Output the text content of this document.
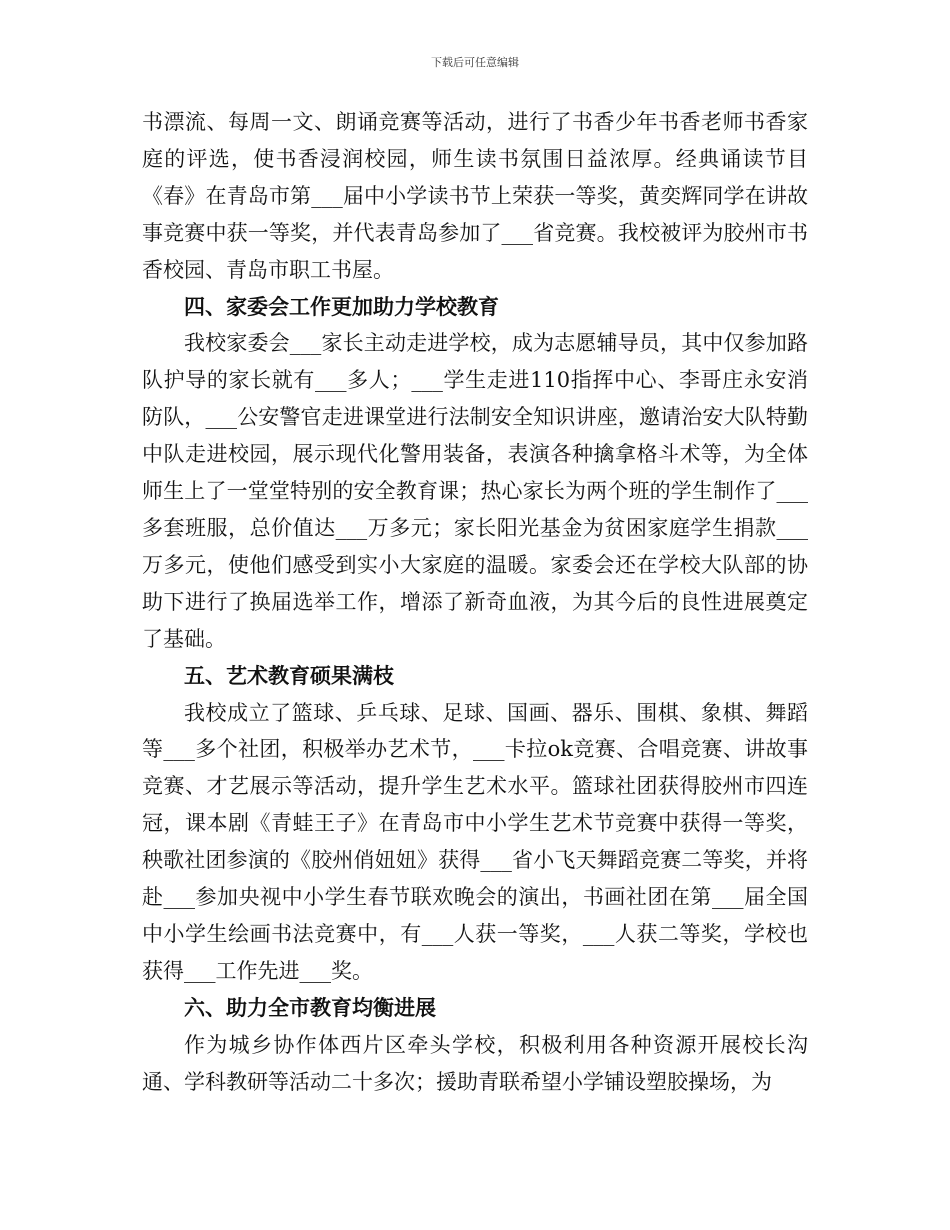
下载后可任意编辑

书漂流、每周一文、朗诵竞赛等活动，进行了书香少年书香老师书香家庭的评选，使书香浸润校园，师生读书氛围日益浓厚。经典诵读节目《春》在青岛市第___届中小学读书节上荣获一等奖，黄奕辉同学在讲故事竞赛中获一等奖，并代表青岛参加了___省竞赛。我校被评为胶州市书香校园、青岛市职工书屋。

四、家委会工作更加助力学校教育

我校家委会___家长主动走进学校，成为志愿辅导员，其中仅参加路队护导的家长就有___多人；___学生走进110指挥中心、李哥庄永安消防队，___公安警官走进课堂进行法制安全知识讲座，邀请治安大队特勤中队走进校园，展示现代化警用装备，表演各种擒拿格斗术等，为全体师生上了一堂堂特别的安全教育课；热心家长为两个班的学生制作了___多套班服，总价值达___万多元；家长阳光基金为贫困家庭学生捐款___万多元，使他们感受到实小大家庭的温暖。家委会还在学校大队部的协助下进行了换届选举工作，增添了新奇血液，为其今后的良性进展奠定了基础。

五、艺术教育硕果满枝

我校成立了篮球、乒乓球、足球、国画、器乐、围棋、象棋、舞蹈等___多个社团，积极举办艺术节，___卡拉ok竞赛、合唱竞赛、讲故事竞赛、才艺展示等活动，提升学生艺术水平。篮球社团获得胶州市四连冠，课本剧《青蛙王子》在青岛市中小学生艺术节竞赛中获得一等奖，秧歌社团参演的《胶州俏妞妞》获得___省小飞天舞蹈竞赛二等奖，并将赴___参加央视中小学生春节联欢晚会的演出，书画社团在第___届全国中小学生绘画书法竞赛中，有___人获一等奖，___人获二等奖，学校也获得___工作先进___奖。

六、助力全市教育均衡进展

作为城乡协作体西片区牵头学校，积极利用各种资源开展校长沟通、学科教研等活动二十多次；援助青联希望小学铺设塑胶操场，为
